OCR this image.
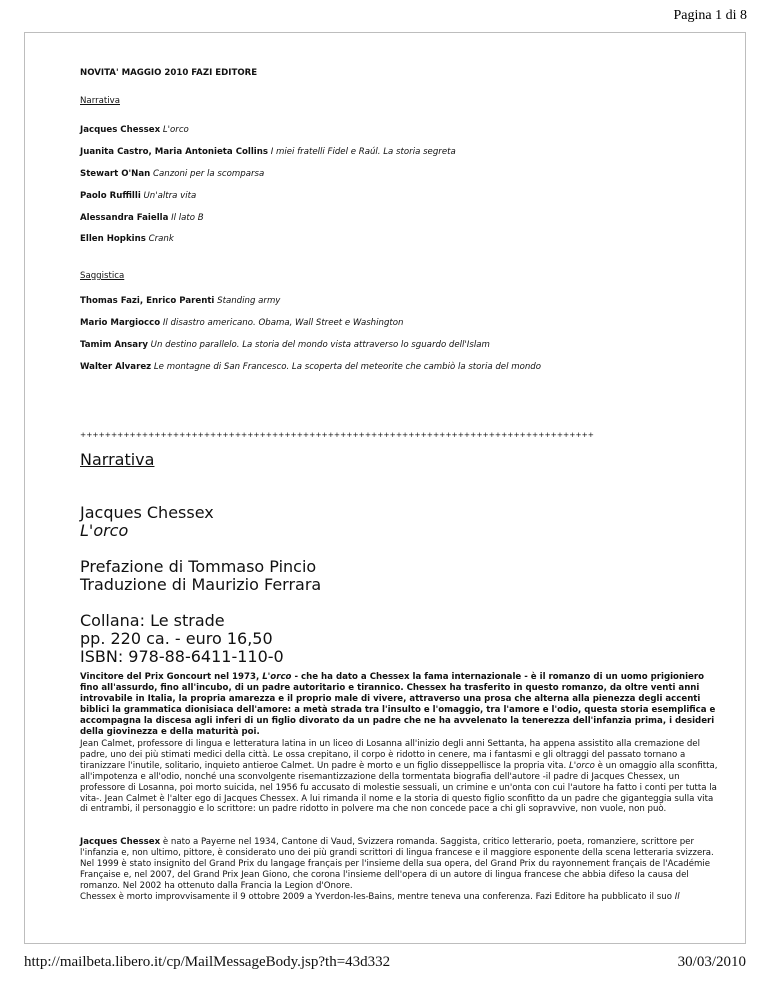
Pagina 1 di 8
NOVITA' MAGGIO 2010 FAZI EDITORE
Narrativa
Jacques Chessex L'orco
Juanita Castro, Maria Antonieta Collins I miei fratelli Fidel e Raúl. La storia segreta
Stewart O'Nan Canzoni per la scomparsa
Paolo Ruffilli Un'altra vita
Alessandra Faiella Il lato B
Ellen Hopkins Crank
Saggistica
Thomas Fazi, Enrico Parenti Standing army
Mario Margiocco Il disastro americano. Obama, Wall Street e Washington
Tamim Ansary Un destino parallelo. La storia del mondo vista attraverso lo sguardo dell'Islam
Walter Alvarez Le montagne di San Francesco. La scoperta del meteorite che cambiò la storia del mondo
+++++++++++++++++++++++++++++++++++++++++++++++++++++++++++++++++++++++++++++++++++
Narrativa
Jacques Chessex
L'orco
Prefazione di Tommaso Pincio
Traduzione di Maurizio Ferrara
Collana: Le strade
pp. 220 ca. - euro 16,50
ISBN: 978-88-6411-110-0

Vincitore del Prix Goncourt nel 1973, L'orco - che ha dato a Chessex la fama internazionale - è il romanzo di un uomo prigioniero fino all'assurdo, fino all'incubo, di un padre autoritario e tirannico. Chessex ha trasferito in questo romanzo, da oltre venti anni introvabile in Italia, la propria amarezza e il proprio male di vivere, attraverso una prosa che alterna alla pienezza degli accenti biblici la grammatica dionisiaca dell'amore: a metà strada tra l'insulto e l'omaggio, tra l'amore e l'odio, questa storia esemplifica e accompagna la discesa agli inferi di un figlio divorato da un padre che ne ha avvelenato la tenerezza dell'infanzia prima, i desideri della giovinezza e della maturità poi.

Jean Calmet, professore di lingua e letteratura latina in un liceo di Losanna all'inizio degli anni Settanta, ha appena assistito alla cremazione del padre, uno dei più stimati medici della città. Le ossa crepitano, il corpo è ridotto in cenere, ma i fantasmi e gli oltraggi del passato tornano a tiranizzare l'inutile, solitario, inquieto antieroe Calmet. Un padre è morto e un figlio disseppellisce la propria vita. L'orco è un omaggio alla sconfitta, all'impotenza e all'odio, nonché una sconvolgente risemantizzazione della tormentata biografia dell'autore -il padre di Jacques Chessex, un professore di Losanna, poi morto suicida, nel 1956 fu accusato di molestie sessuali, un crimine e un'onta con cui l'autore ha fatto i conti per tutta la vita-. Jean Calmet è l'alter ego di Jacques Chessex. A lui rimanda il nome e la storia di questo figlio sconfitto da un padre che giganteggia sulla vita di entrambi, il personaggio e lo scrittore: un padre ridotto in polvere ma che non concede pace a chi gli sopravvive, non vuole, non può.

Jacques Chessex è nato a Payerne nel 1934, Cantone di Vaud, Svizzera romanda. Saggista, critico letterario, poeta, romanziere, scrittore per l'infanzia e, non ultimo, pittore, è considerato uno dei più grandi scrittori di lingua francese e il maggiore esponente della scena letteraria svizzera. Nel 1999 è stato insignito del Grand Prix du langage français per l'insieme della sua opera, del Grand Prix du rayonnement français de l'Académie Française e, nel 2007, del Grand Prix Jean Giono, che corona l'insieme dell'opera di un autore di lingua francese che abbia difeso la causa del romanzo. Nel 2002 ha ottenuto dalla Francia la Legion d'Onore.

Chessex è morto improvvisamente il 9 ottobre 2009 a Yverdon-les-Bains, mentre teneva una conferenza. Fazi Editore ha pubblicato il suo Il

http://mailbeta.libero.it/cp/MailMessageBody.jsp?th=43d332	30/03/2010
